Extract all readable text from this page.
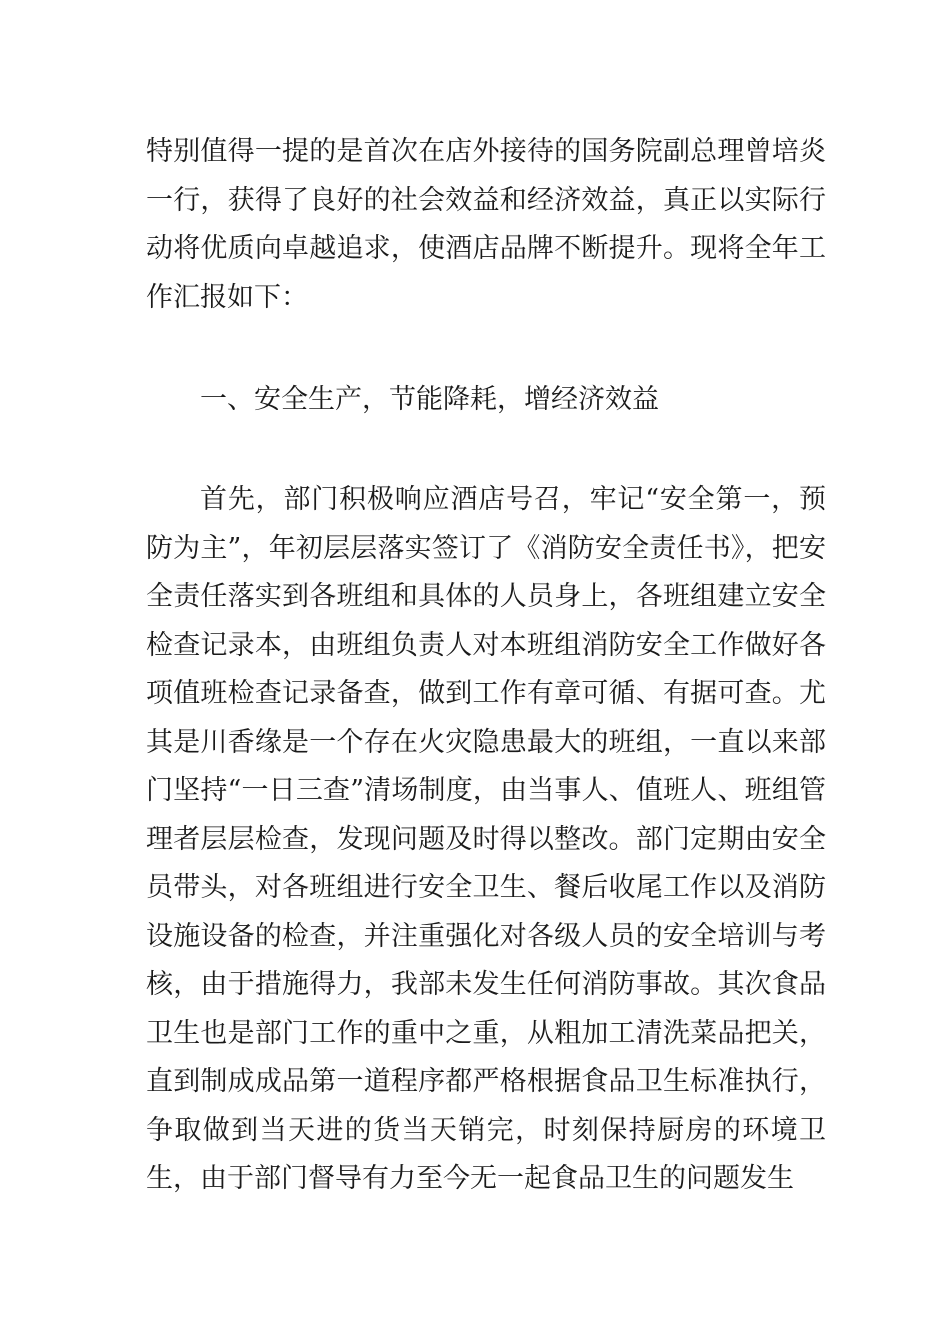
特别值得一提的是首次在店外接待的国务院副总理曾培炎一行，获得了良好的社会效益和经济效益，真正以实际行动将优质向卓越追求，使酒店品牌不断提升。现将全年工作汇报如下：

一、安全生产，节能降耗，增经济效益

首先，部门积极响应酒店号召，牢记“安全第一，预防为主”，年初层层落实签订了《消防安全责任书》，把安全责任落实到各班组和具体的人员身上，各班组建立安全检查记录本，由班组负责人对本班组消防安全工作做好各项值班检查记录备查，做到工作有章可循、有据可查。尤其是川香缘是一个存在火灾隐患最大的班组，一直以来部门坚持“一日三查”清场制度，由当事人、值班人、班组管理者层层检查，发现问题及时得以整改。部门定期由安全员带头，对各班组进行安全卫生、餐后收尾工作以及消防设施设备的检查，并注重强化对各级人员的安全培训与考核，由于措施得力，我部未发生任何消防事故。其次食品卫生也是部门工作的重中之重，从粗加工清洗菜品把关，直到制成成品第一道程序都严格根据食品卫生标准执行，争取做到当天进的货当天销完，时刻保持厨房的环境卫生，由于部门督导有力至今无一起食品卫生的问题发生
